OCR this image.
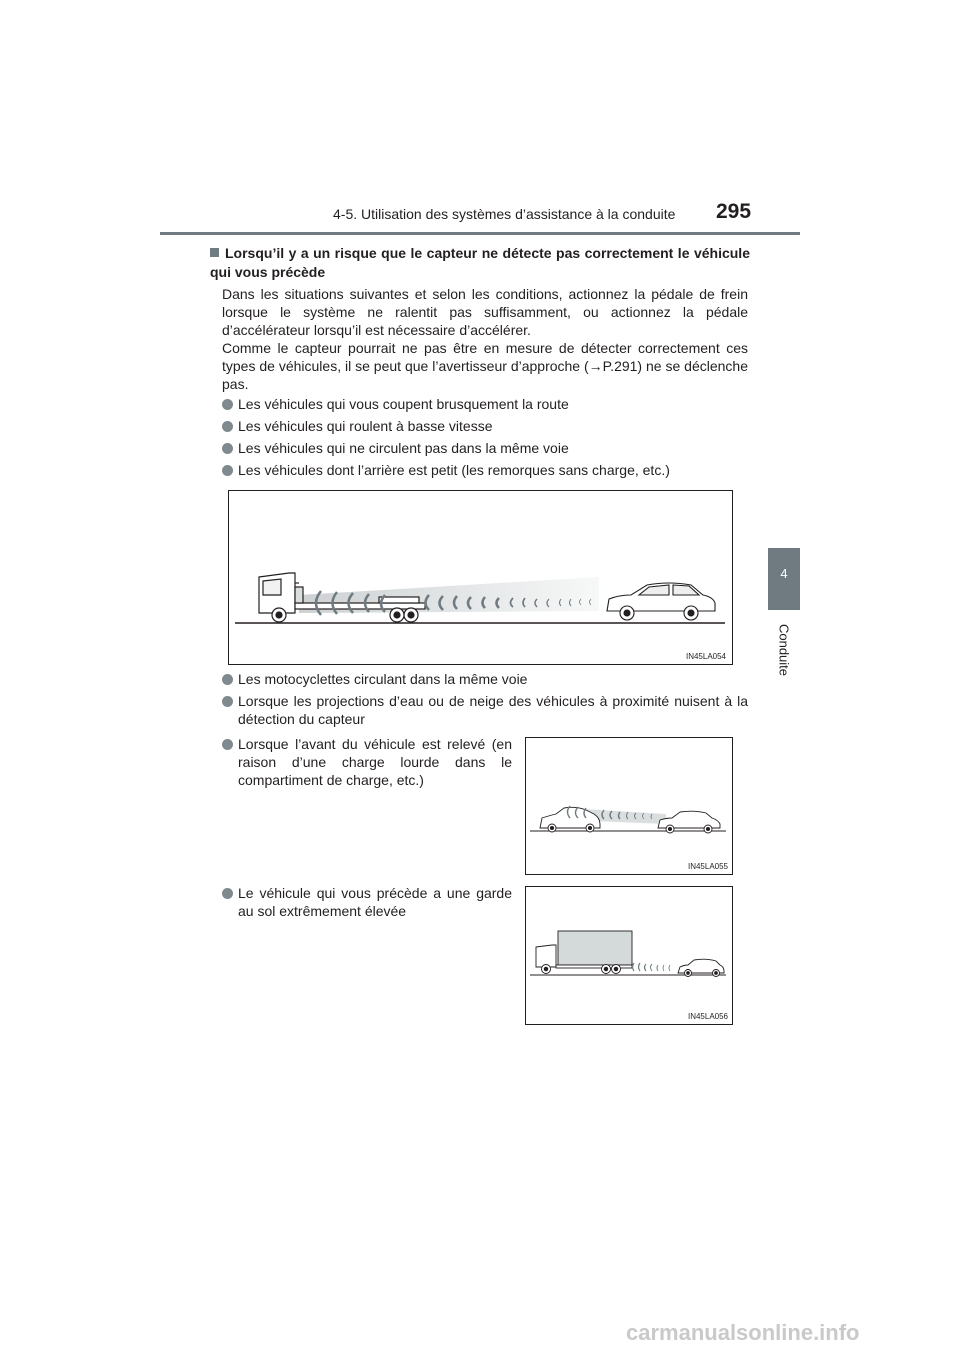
4-5. Utilisation des systèmes d’assistance à la conduite 295
4
Conduite
Lorsqu’il y a un risque que le capteur ne détecte pas correctement le véhicule qui vous précède

Dans les situations suivantes et selon les conditions, actionnez la pédale de frein lorsque le système ne ralentit pas suffisamment, ou actionnez la pédale d’accélérateur lorsqu’il est nécessaire d’accélérer.

Comme le capteur pourrait ne pas être en mesure de détecter correctement ces types de véhicules, il se peut que l’avertisseur d’approche (→P.291) ne se déclenche pas.

Les véhicules qui vous coupent brusquement la route
Les véhicules qui roulent à basse vitesse
Les véhicules qui ne circulent pas dans la même voie
Les véhicules dont l’arrière est petit (les remorques sans charge, etc.)
IN45LA054
Les motocyclettes circulant dans la même voie
Lorsque les projections d’eau ou de neige des véhicules à proximité nuisent à la détection du capteur
Lorsque l’avant du véhicule est relevé (en raison d’une charge lourde dans le compartiment de charge, etc.)
IN45LA055
Le véhicule qui vous précède a une garde au sol extrêmement élevée
IN45LA056
carmanualsonline.info
